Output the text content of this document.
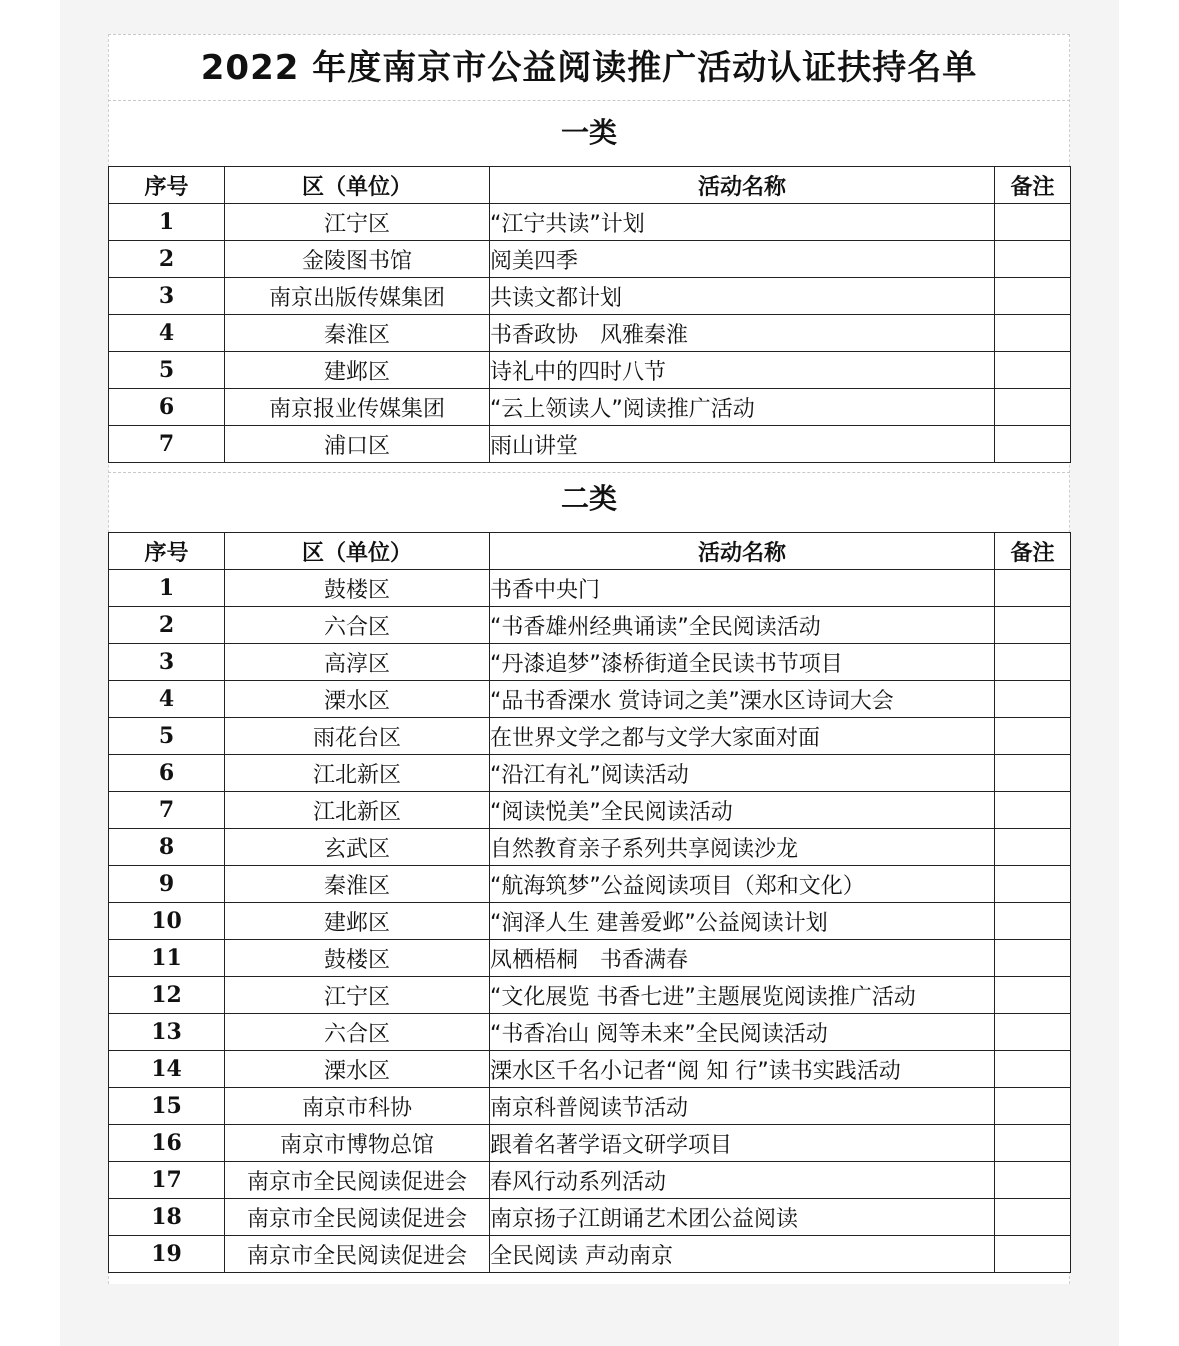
2022 年度南京市公益阅读推广活动认证扶持名单
一类
序号	区（单位）	活动名称	备注
1	江宁区	“江宁共读”计划	
2	金陵图书馆	阅美四季	
3	南京出版传媒集团	共读文都计划	
4	秦淮区	书香政协　风雅秦淮	
5	建邺区	诗礼中的四时八节	
6	南京报业传媒集团	“云上领读人”阅读推广活动	
7	浦口区	雨山讲堂	
二类
序号	区（单位）	活动名称	备注
1	鼓楼区	书香中央门	
2	六合区	“书香雄州经典诵读”全民阅读活动	
3	高淳区	“丹漆追梦”漆桥街道全民读书节项目	
4	溧水区	“品书香溧水 赏诗词之美”溧水区诗词大会	
5	雨花台区	在世界文学之都与文学大家面对面	
6	江北新区	“沿江有礼”阅读活动	
7	江北新区	“阅读悦美”全民阅读活动	
8	玄武区	自然教育亲子系列共享阅读沙龙	
9	秦淮区	“航海筑梦”公益阅读项目（郑和文化）	
10	建邺区	“润泽人生 建善爱邺”公益阅读计划	
11	鼓楼区	凤栖梧桐　书香满春	
12	江宁区	“文化展览 书香七进”主题展览阅读推广活动	
13	六合区	“书香冶山 阅等未来”全民阅读活动	
14	溧水区	溧水区千名小记者“阅 知 行”读书实践活动	
15	南京市科协	南京科普阅读节活动	
16	南京市博物总馆	跟着名著学语文研学项目	
17	南京市全民阅读促进会	春风行动系列活动	
18	南京市全民阅读促进会	南京扬子江朗诵艺术团公益阅读	
19	南京市全民阅读促进会	全民阅读 声动南京	
